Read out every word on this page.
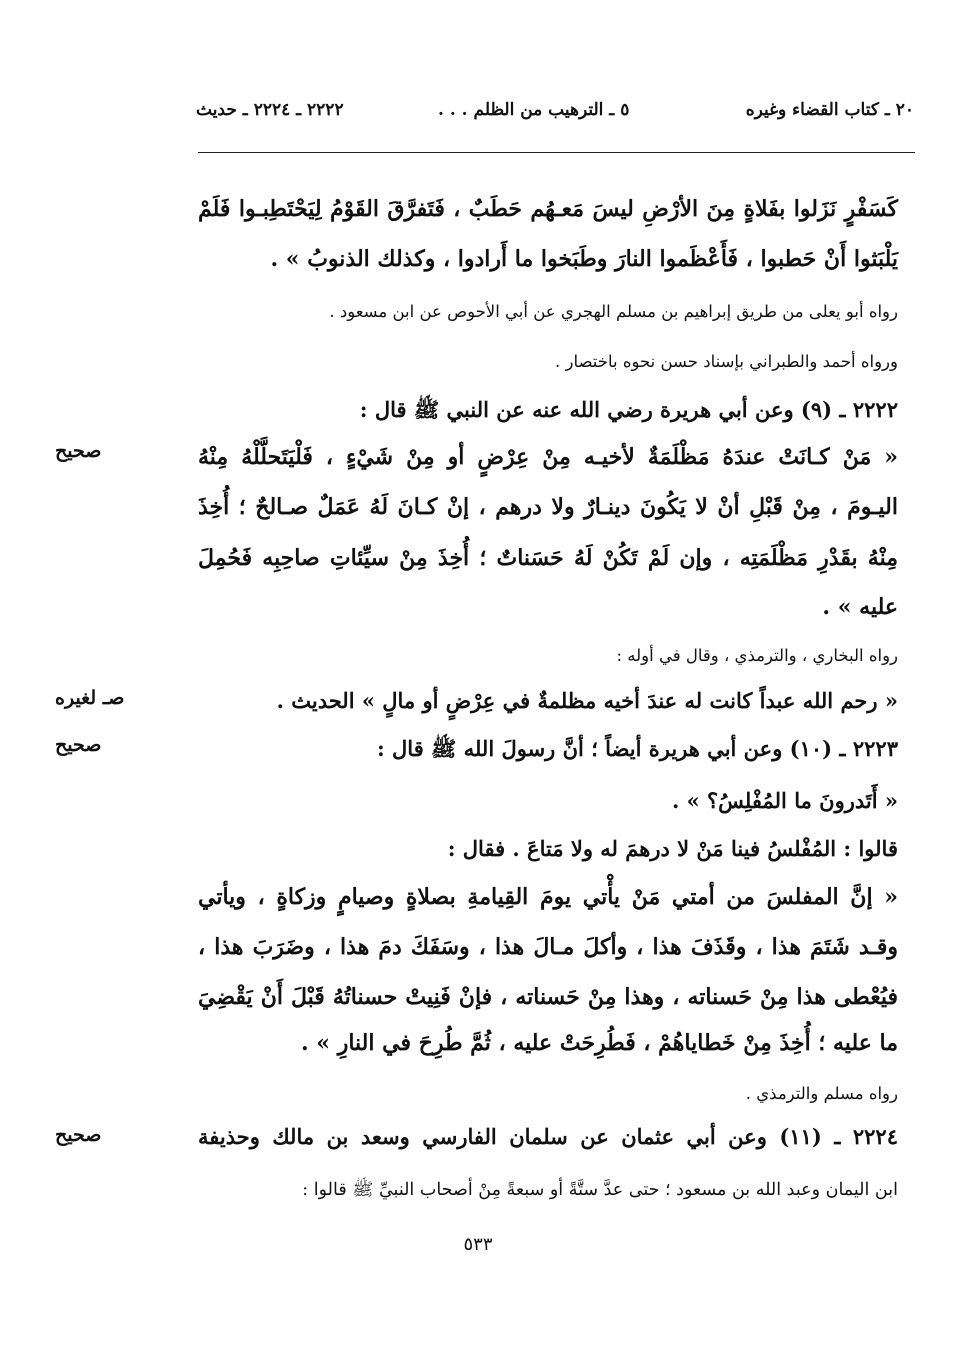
٢٠ ـ كتاب القضاء وغيره
٥ ـ الترهيب من الظلم . . .
٢٢٢٢ ـ ٢٢٢٤ ـ حديث
كَسَفْرٍ نَزَلوا بفَلاةٍ مِنَ الأرْضِ ليسَ مَعـهُم حَطَبٌ ، فَتَفرَّقَ القَوْمُ لِيَحْتَطِبـوا فَلَمْ
يَلْبَثوا أَنْ حَطبوا ، فَأَعْظَموا النارَ وطَبَخوا ما أَرادوا ، وكذلك الذنوبُ » .
رواه أبو يعلى من طريق إبراهيم بن مسلم الهجري عن أبي الأحوص عن ابن مسعود .
ورواه أحمد والطبراني بإسناد حسن نحوه باختصار .
٢٢٢٢ ـ (٩) وعن أبي هريرة رضي الله عنه عن النبي ﷺ قال :
« مَنْ كـانَتْ عندَهُ مَظْلَمَةٌ لأخيـه مِنْ عِرْضٍ أو مِنْ شَيْءٍ ، فَلْيَتَحلَّلْهُ مِنْهُ
اليـومَ ، مِنْ قَبْلِ أنْ لا يَكُونَ دينـارٌ ولا درهم ، إنْ كـانَ لَهُ عَمَلٌ صـالحٌ ؛ أُخِذَ
مِنْهُ بقَدْرِ مَظْلَمَتِه ، وإن لَمْ تَكُنْ لَهُ حَسَناتٌ ؛ أُخِذَ مِنْ سيِّئاتِ صاحِبِه فَحُمِلَ
عليه » .
رواه البخاري ، والترمذي ، وقال في أوله :
« رحم الله عبداً كانت له عندَ أخيه مظلمةٌ في عِرْضٍ أو مالٍ » الحديث .
٢٢٢٣ ـ (١٠) وعن أبي هريرة أيضاً ؛ أنَّ رسولَ الله ﷺ قال :
« أَتَدرونَ ما المُفْلِسُ؟ » .
قالوا : المُفْلسُ فينا مَنْ لا درهمَ له ولا مَتاعَ . فقال :
« إنَّ المفلسَ من أمتي مَنْ يأْتي يومَ القِيامةِ بصلاةٍ وصيامٍ وزكاةٍ ، ويأتي
وقـد شَتَمَ هذا ، وقَذَفَ هذا ، وأكلَ مـالَ هذا ، وسَفَكَ دمَ هذا ، وضَرَبَ هذا ،
فيُعْطى هذا مِنْ حَسناته ، وهذا مِنْ حَسناته ، فإنْ فَنِيتْ حسناتُهُ قَبْلَ أَنْ يَقْضِيَ
ما عليه ؛ أُخِذَ مِنْ خَطاياهُمْ ، فَطُرِحَتْ عليه ، ثُمَّ طُرِحَ في النارِ » .
رواه مسلم والترمذي .
٢٢٢٤ ـ (١١) وعن أبي عثمان عن سلمان الفارسي وسعد بن مالك وحذيفة
ابن اليمان وعبد الله بن مسعود ؛ حتى عدَّ ستَّةً أو سبعةً مِنْ أصحاب النبيِّ ﷺ قالوا :
صحيح
صـ لغيره
صحيح
صحيح
٥٣٣
